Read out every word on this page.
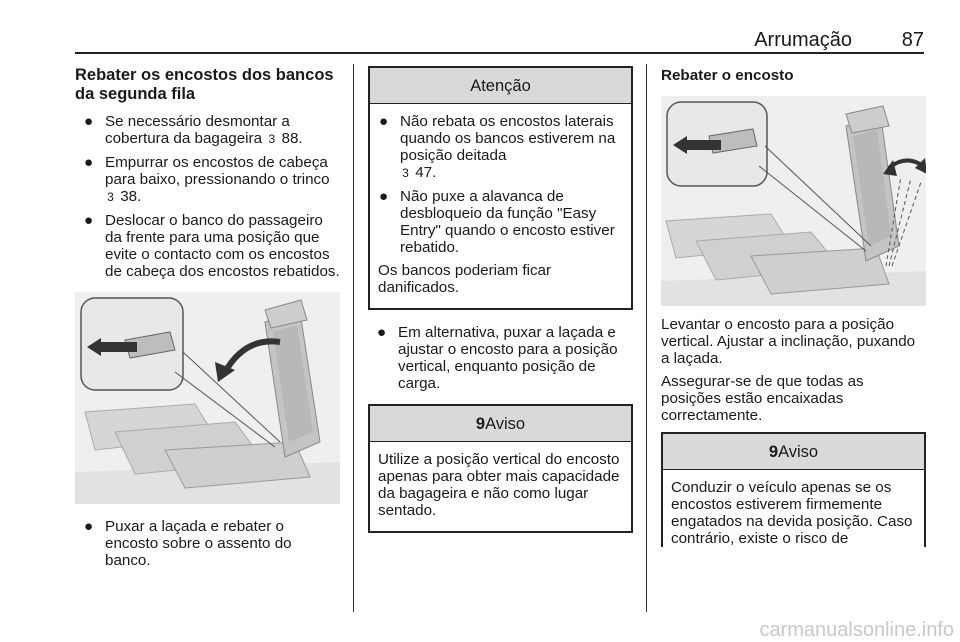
Arrumação 87
Rebater os encostos dos bancos da segunda fila
● Se necessário desmontar a cobertura da bagageira 3 88.
● Empurrar os encostos de cabeça para baixo, pressionando o trinco
3 38.
● Deslocar o banco do passageiro da frente para uma posição que evite o contacto com os encostos de cabeça dos encostos rebatidos.
● Puxar a laçada e rebater o encosto sobre o assento do banco.
Atenção
● Não rebata os encostos laterais quando os bancos estiverem na posição deitada
3 47.
● Não puxe a alavanca de desbloqueio da função "Easy Entry" quando o encosto estiver rebatido.
Os bancos poderiam ficar danificados.
● Em alternativa, puxar a laçada e ajustar o encosto para a posição vertical, enquanto posição de carga.
9Aviso
Utilize a posição vertical do encosto apenas para obter mais capacidade da bagageira e não como lugar sentado.
Rebater o encosto
Levantar o encosto para a posição vertical. Ajustar a inclinação, puxando a laçada.
Assegurar-se de que todas as posições estão encaixadas correctamente.
9Aviso
Conduzir o veículo apenas se os encostos estiverem firmemente engatados na devida posição. Caso contrário, existe o risco de
carmanualsonline.info
